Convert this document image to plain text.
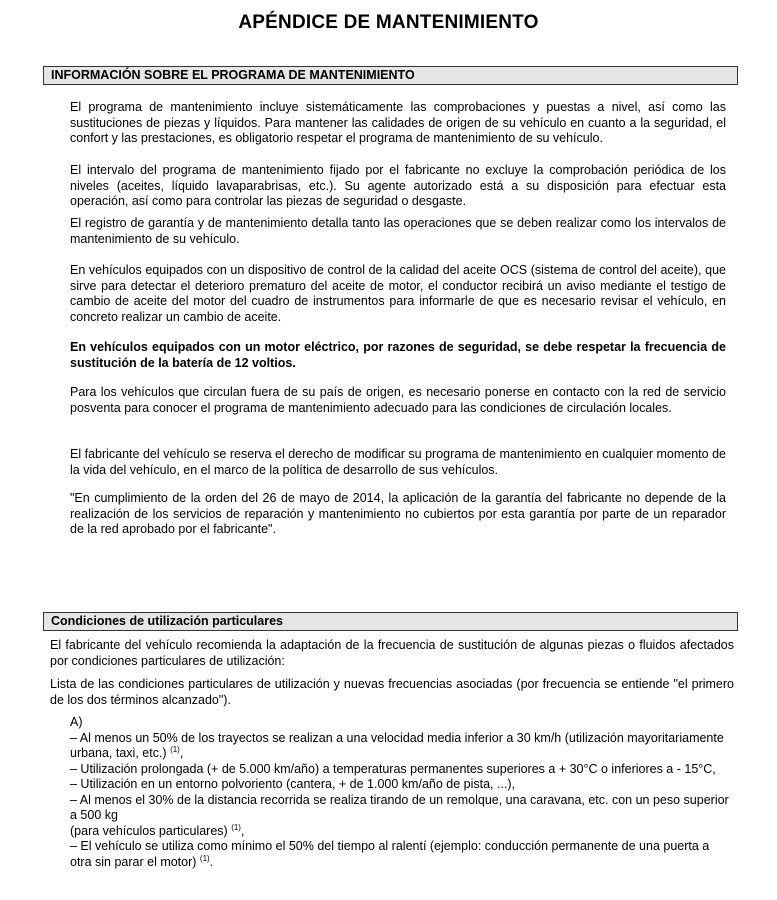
APÉNDICE DE MANTENIMIENTO
INFORMACIÓN SOBRE EL PROGRAMA DE MANTENIMIENTO

El programa de mantenimiento incluye sistemáticamente las comprobaciones y puestas a nivel, así como las sustituciones de piezas y líquidos. Para mantener las calidades de origen de su vehículo en cuanto a la seguridad, el confort y las prestaciones, es obligatorio respetar el programa de mantenimiento de su vehículo.

El intervalo del programa de mantenimiento fijado por el fabricante no excluye la comprobación periódica de los niveles (aceites, líquido lavaparabrisas, etc.). Su agente autorizado está a su disposición para efectuar esta operación, así como para controlar las piezas de seguridad o desgaste.

El registro de garantía y de mantenimiento detalla tanto las operaciones que se deben realizar como los intervalos de mantenimiento de su vehículo.

En vehículos equipados con un dispositivo de control de la calidad del aceite OCS (sistema de control del aceite), que sirve para detectar el deterioro prematuro del aceite de motor, el conductor recibirá un aviso mediante el testigo de cambio de aceite del motor del cuadro de instrumentos para informarle de que es necesario revisar el vehículo, en concreto realizar un cambio de aceite.

En vehículos equipados con un motor eléctrico, por razones de seguridad, se debe respetar la frecuencia de sustitución de la batería de 12 voltios.

Para los vehículos que circulan fuera de su país de origen, es necesario ponerse en contacto con la red de servicio posventa para conocer el programa de mantenimiento adecuado para las condiciones de circulación locales.

El fabricante del vehículo se reserva el derecho de modificar su programa de mantenimiento en cualquier momento de la vida del vehículo, en el marco de la política de desarrollo de sus vehículos.

"En cumplimiento de la orden del 26 de mayo de 2014, la aplicación de la garantía del fabricante no depende de la realización de los servicios de reparación y mantenimiento no cubiertos por esta garantía por parte de un reparador de la red aprobado por el fabricante".

Condiciones de utilización particulares

El fabricante del vehículo recomienda la adaptación de la frecuencia de sustitución de algunas piezas o fluidos afectados por condiciones particulares de utilización:

Lista de las condiciones particulares de utilización y nuevas frecuencias asociadas (por frecuencia se entiende "el primero de los dos términos alcanzado").

A)
– Al menos un 50% de los trayectos se realizan a una velocidad media inferior a 30 km/h (utilización mayoritariamente urbana, taxi, etc.) $^{(1)}$,
– Utilización prolongada (+ de 5.000 km/año) a temperaturas permanentes superiores a + 30°C o inferiores a - 15°C,
– Utilización en un entorno polvoriento (cantera, + de 1.000 km/año de pista, ...),
– Al menos el 30% de la distancia recorrida se realiza tirando de un remolque, una caravana, etc. con un peso superior a 500 kg
(para vehículos particulares) $^{(1)}$,
– El vehículo se utiliza como mínimo el 50% del tiempo al ralentí (ejemplo: conducción permanente de una puerta a otra sin parar el motor) $^{(1)}$.
